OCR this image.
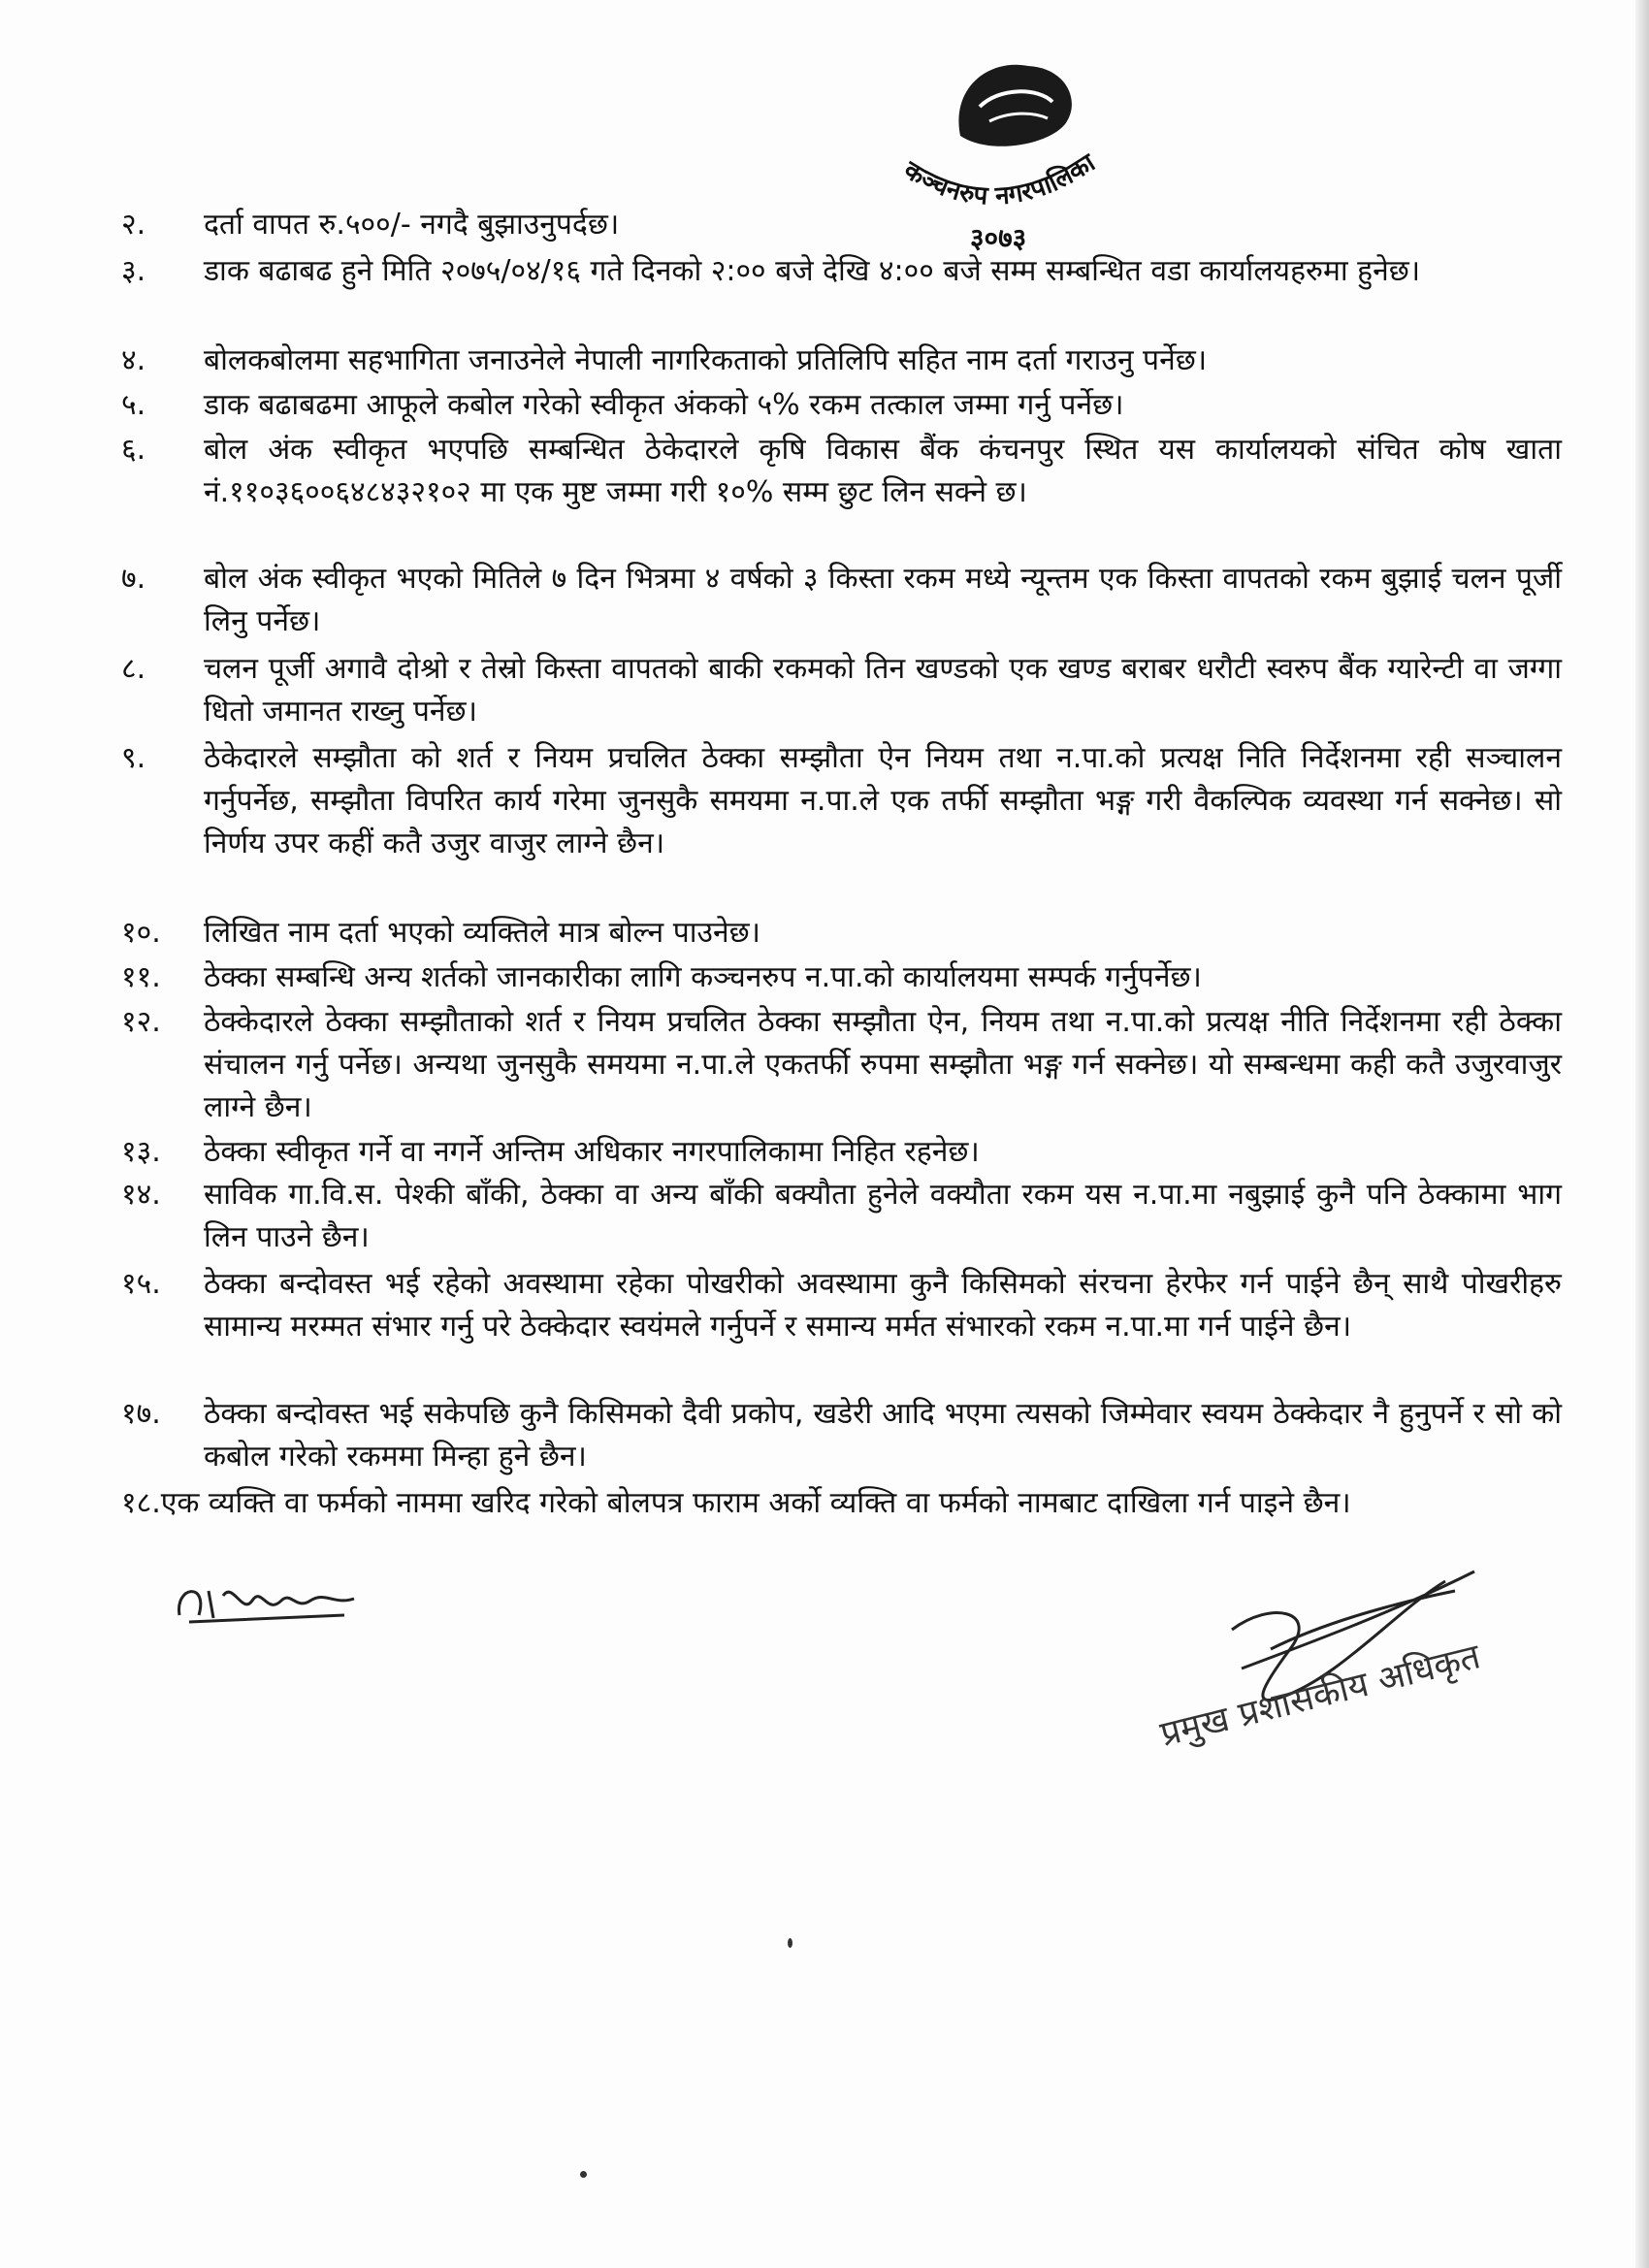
कञ्चनरुप नगरपालिका
३०७३
२.	दर्ता वापत रु.५००/- नगदै बुझाउनुपर्दछ।
३.	डाक बढाबढ हुने मिति २०७५/०४/१६ गते दिनको २:०० बजे देखि ४:०० बजे सम्म सम्बन्धित वडा कार्यालयहरुमा हुनेछ।
४.	बोलकबोलमा सहभागिता जनाउनेले नेपाली नागरिकताको प्रतिलिपि सहित नाम दर्ता गराउनु पर्नेछ।
५.	डाक बढाबढमा आफूले कबोल गरेको स्वीकृत अंकको ५% रकम तत्काल जम्मा गर्नु पर्नेछ।
६.	बोल अंक स्वीकृत भएपछि सम्बन्धित ठेकेदारले कृषि विकास बैंक कंचनपुर स्थित यस कार्यालयको संचित कोष खाता नं.११०३६००६४८४३२१०२ मा एक मुष्ट जम्मा गरी १०% सम्म छुट लिन सक्ने छ।
७.	बोल अंक स्वीकृत भएको मितिले ७ दिन भित्रमा ४ वर्षको ३ किस्ता रकम मध्ये न्यून्तम एक किस्ता वापतको रकम बुझाई चलन पूर्जी लिनु पर्नेछ।
८.	चलन पूर्जी अगावै दोश्रो र तेस्रो किस्ता वापतको बाकी रकमको तिन खण्डको एक खण्ड बराबर धरौटी स्वरुप बैंक ग्यारेन्टी वा जग्गा धितो जमानत राख्नु पर्नेछ।
९.	ठेकेदारले सम्झौता को शर्त र नियम प्रचलित ठेक्का सम्झौता ऐन नियम तथा न.पा.को प्रत्यक्ष निति निर्देशनमा रही सञ्चालन गर्नुपर्नेछ, सम्झौता विपरित कार्य गरेमा जुनसुकै समयमा न.पा.ले एक तर्फी सम्झौता भङ्ग गरी वैकल्पिक व्यवस्था गर्न सक्नेछ। सो निर्णय उपर कहीं कतै उजुर वाजुर लाग्ने छैन।
१०.	लिखित नाम दर्ता भएको व्यक्तिले मात्र बोल्न पाउनेछ।
११.	ठेक्का सम्बन्धि अन्य शर्तको जानकारीका लागि कञ्चनरुप न.पा.को कार्यालयमा सम्पर्क गर्नुपर्नेछ।
१२.	ठेक्केदारले ठेक्का सम्झौताको शर्त र नियम प्रचलित ठेक्का सम्झौता ऐन, नियम तथा न.पा.को प्रत्यक्ष नीति निर्देशनमा रही ठेक्का संचालन गर्नु पर्नेछ। अन्यथा जुनसुकै समयमा न.पा.ले एकतर्फी रुपमा सम्झौता भङ्ग गर्न सक्नेछ। यो सम्बन्धमा कही कतै उजुरवाजुर लाग्ने छैन।
१३.	ठेक्का स्वीकृत गर्ने वा नगर्ने अन्तिम अधिकार नगरपालिकामा निहित रहनेछ।
१४.	साविक गा.वि.स. पेश्की बाँकी, ठेक्का वा अन्य बाँकी बक्यौता हुनेले वक्यौता रकम यस न.पा.मा नबुझाई कुनै पनि ठेक्कामा भाग लिन पाउने छैन।
१५.	ठेक्का बन्दोवस्त भई रहेको अवस्थामा रहेका पोखरीको अवस्थामा कुनै किसिमको संरचना हेरफेर गर्न पाईने छैन् साथै पोखरीहरु सामान्य मरम्मत संभार गर्नु परे ठेक्केदार स्वयंमले गर्नुपर्ने र समान्य मर्मत संभारको रकम न.पा.मा गर्न पाईने छैन।
१७.	ठेक्का बन्दोवस्त भई सकेपछि कुनै किसिमको दैवी प्रकोप, खडेरी आदि भएमा त्यसको जिम्मेवार स्वयम ठेक्केदार नै हुनुपर्ने र सो को कबोल गरेको रकममा मिन्हा हुने छैन।
१८.एक व्यक्ति वा फर्मको नाममा खरिद गरेको बोलपत्र फाराम अर्को व्यक्ति वा फर्मको नामबाट दाखिला गर्न पाइने छैन।
प्रमुख प्रशासकीय अधिकृत
